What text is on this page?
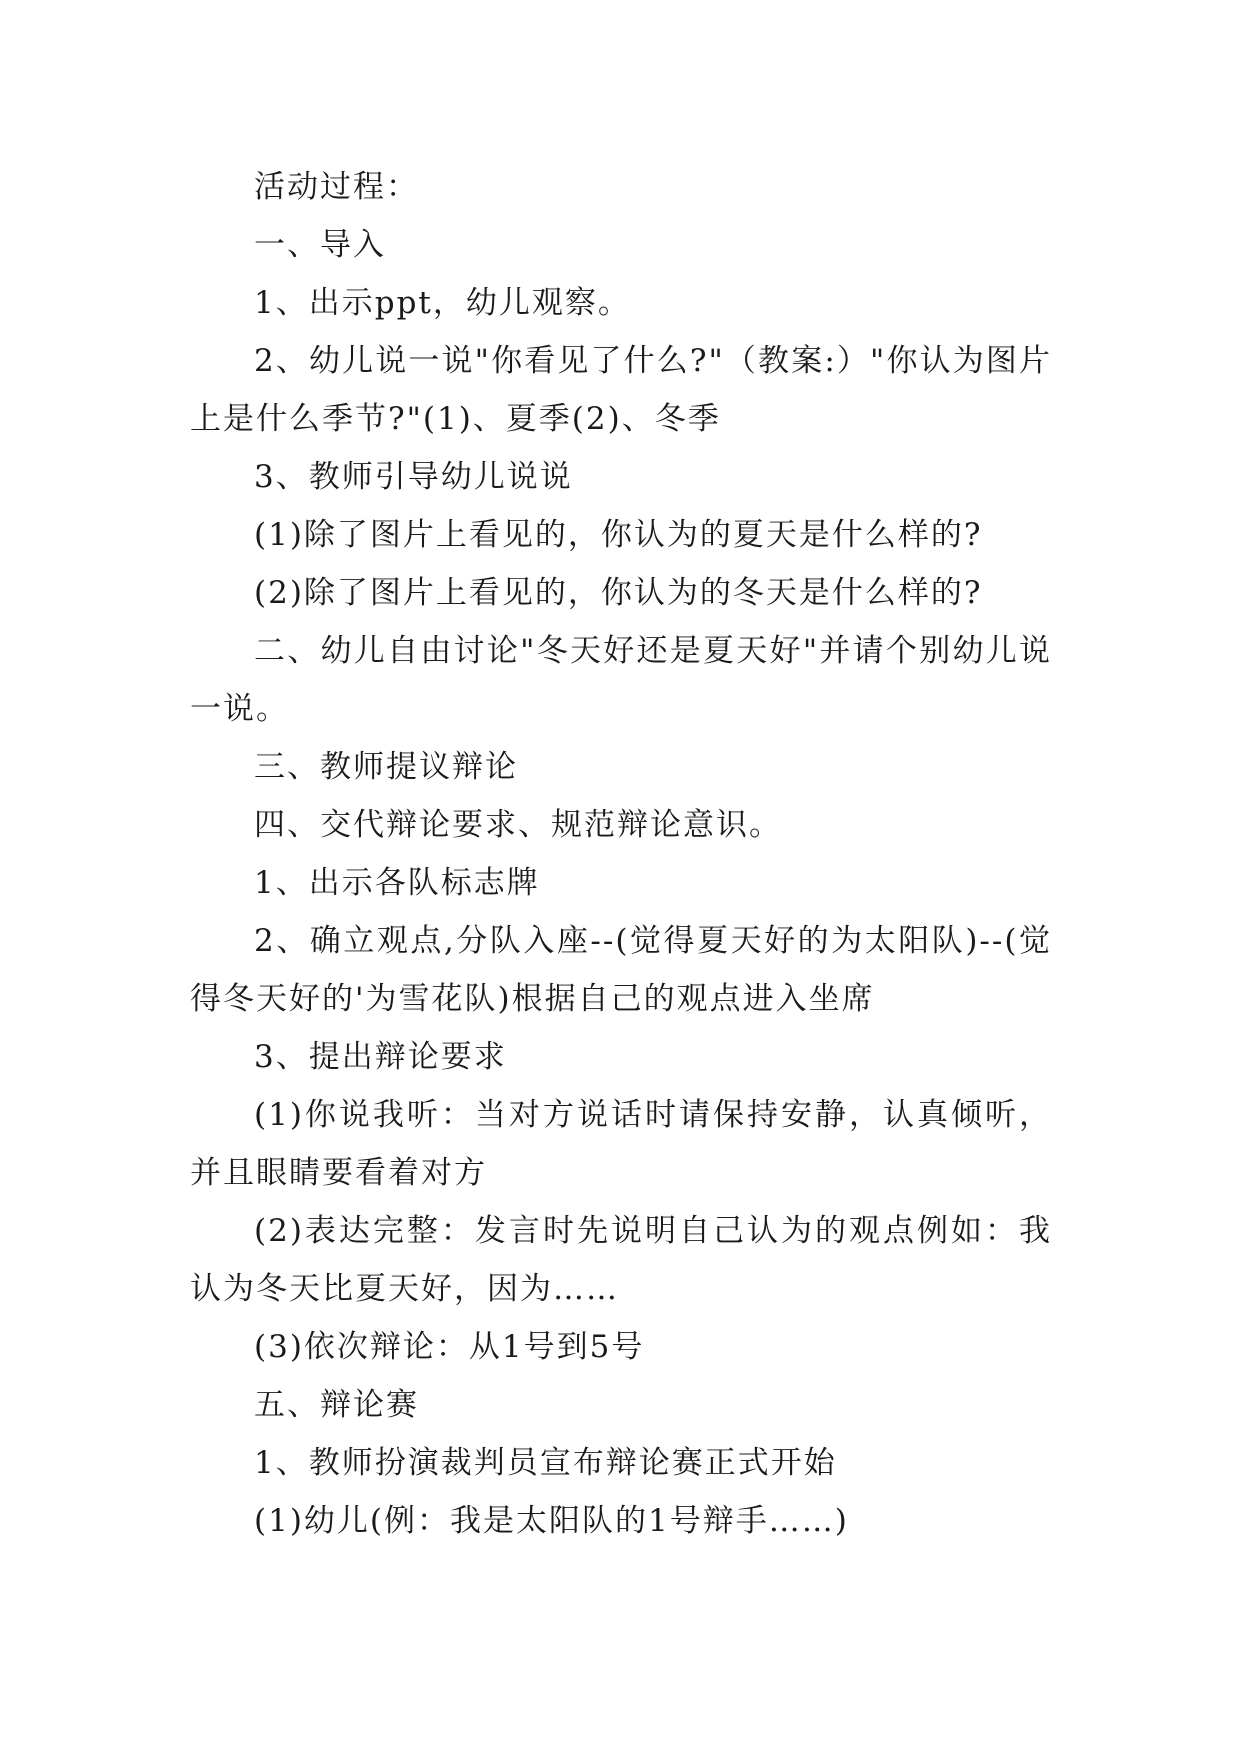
活动过程：

一、导入

1、出示ppt，幼儿观察。

2、幼儿说一说"你看见了什么?"（教案:）"你认为图片上是什么季节?"(1)、夏季(2)、冬季

3、教师引导幼儿说说

(1)除了图片上看见的，你认为的夏天是什么样的?

(2)除了图片上看见的，你认为的冬天是什么样的?

二、幼儿自由讨论"冬天好还是夏天好"并请个别幼儿说一说。

三、教师提议辩论

四、交代辩论要求、规范辩论意识。

1、出示各队标志牌

2、确立观点,分队入座--(觉得夏天好的为太阳队)--(觉得冬天好的'为雪花队)根据自己的观点进入坐席

3、提出辩论要求

(1)你说我听：当对方说话时请保持安静，认真倾听，并且眼睛要看着对方

(2)表达完整：发言时先说明自己认为的观点例如：我认为冬天比夏天好，因为……

(3)依次辩论：从1号到5号

五、辩论赛

1、教师扮演裁判员宣布辩论赛正式开始

(1)幼儿(例：我是太阳队的1号辩手……)
